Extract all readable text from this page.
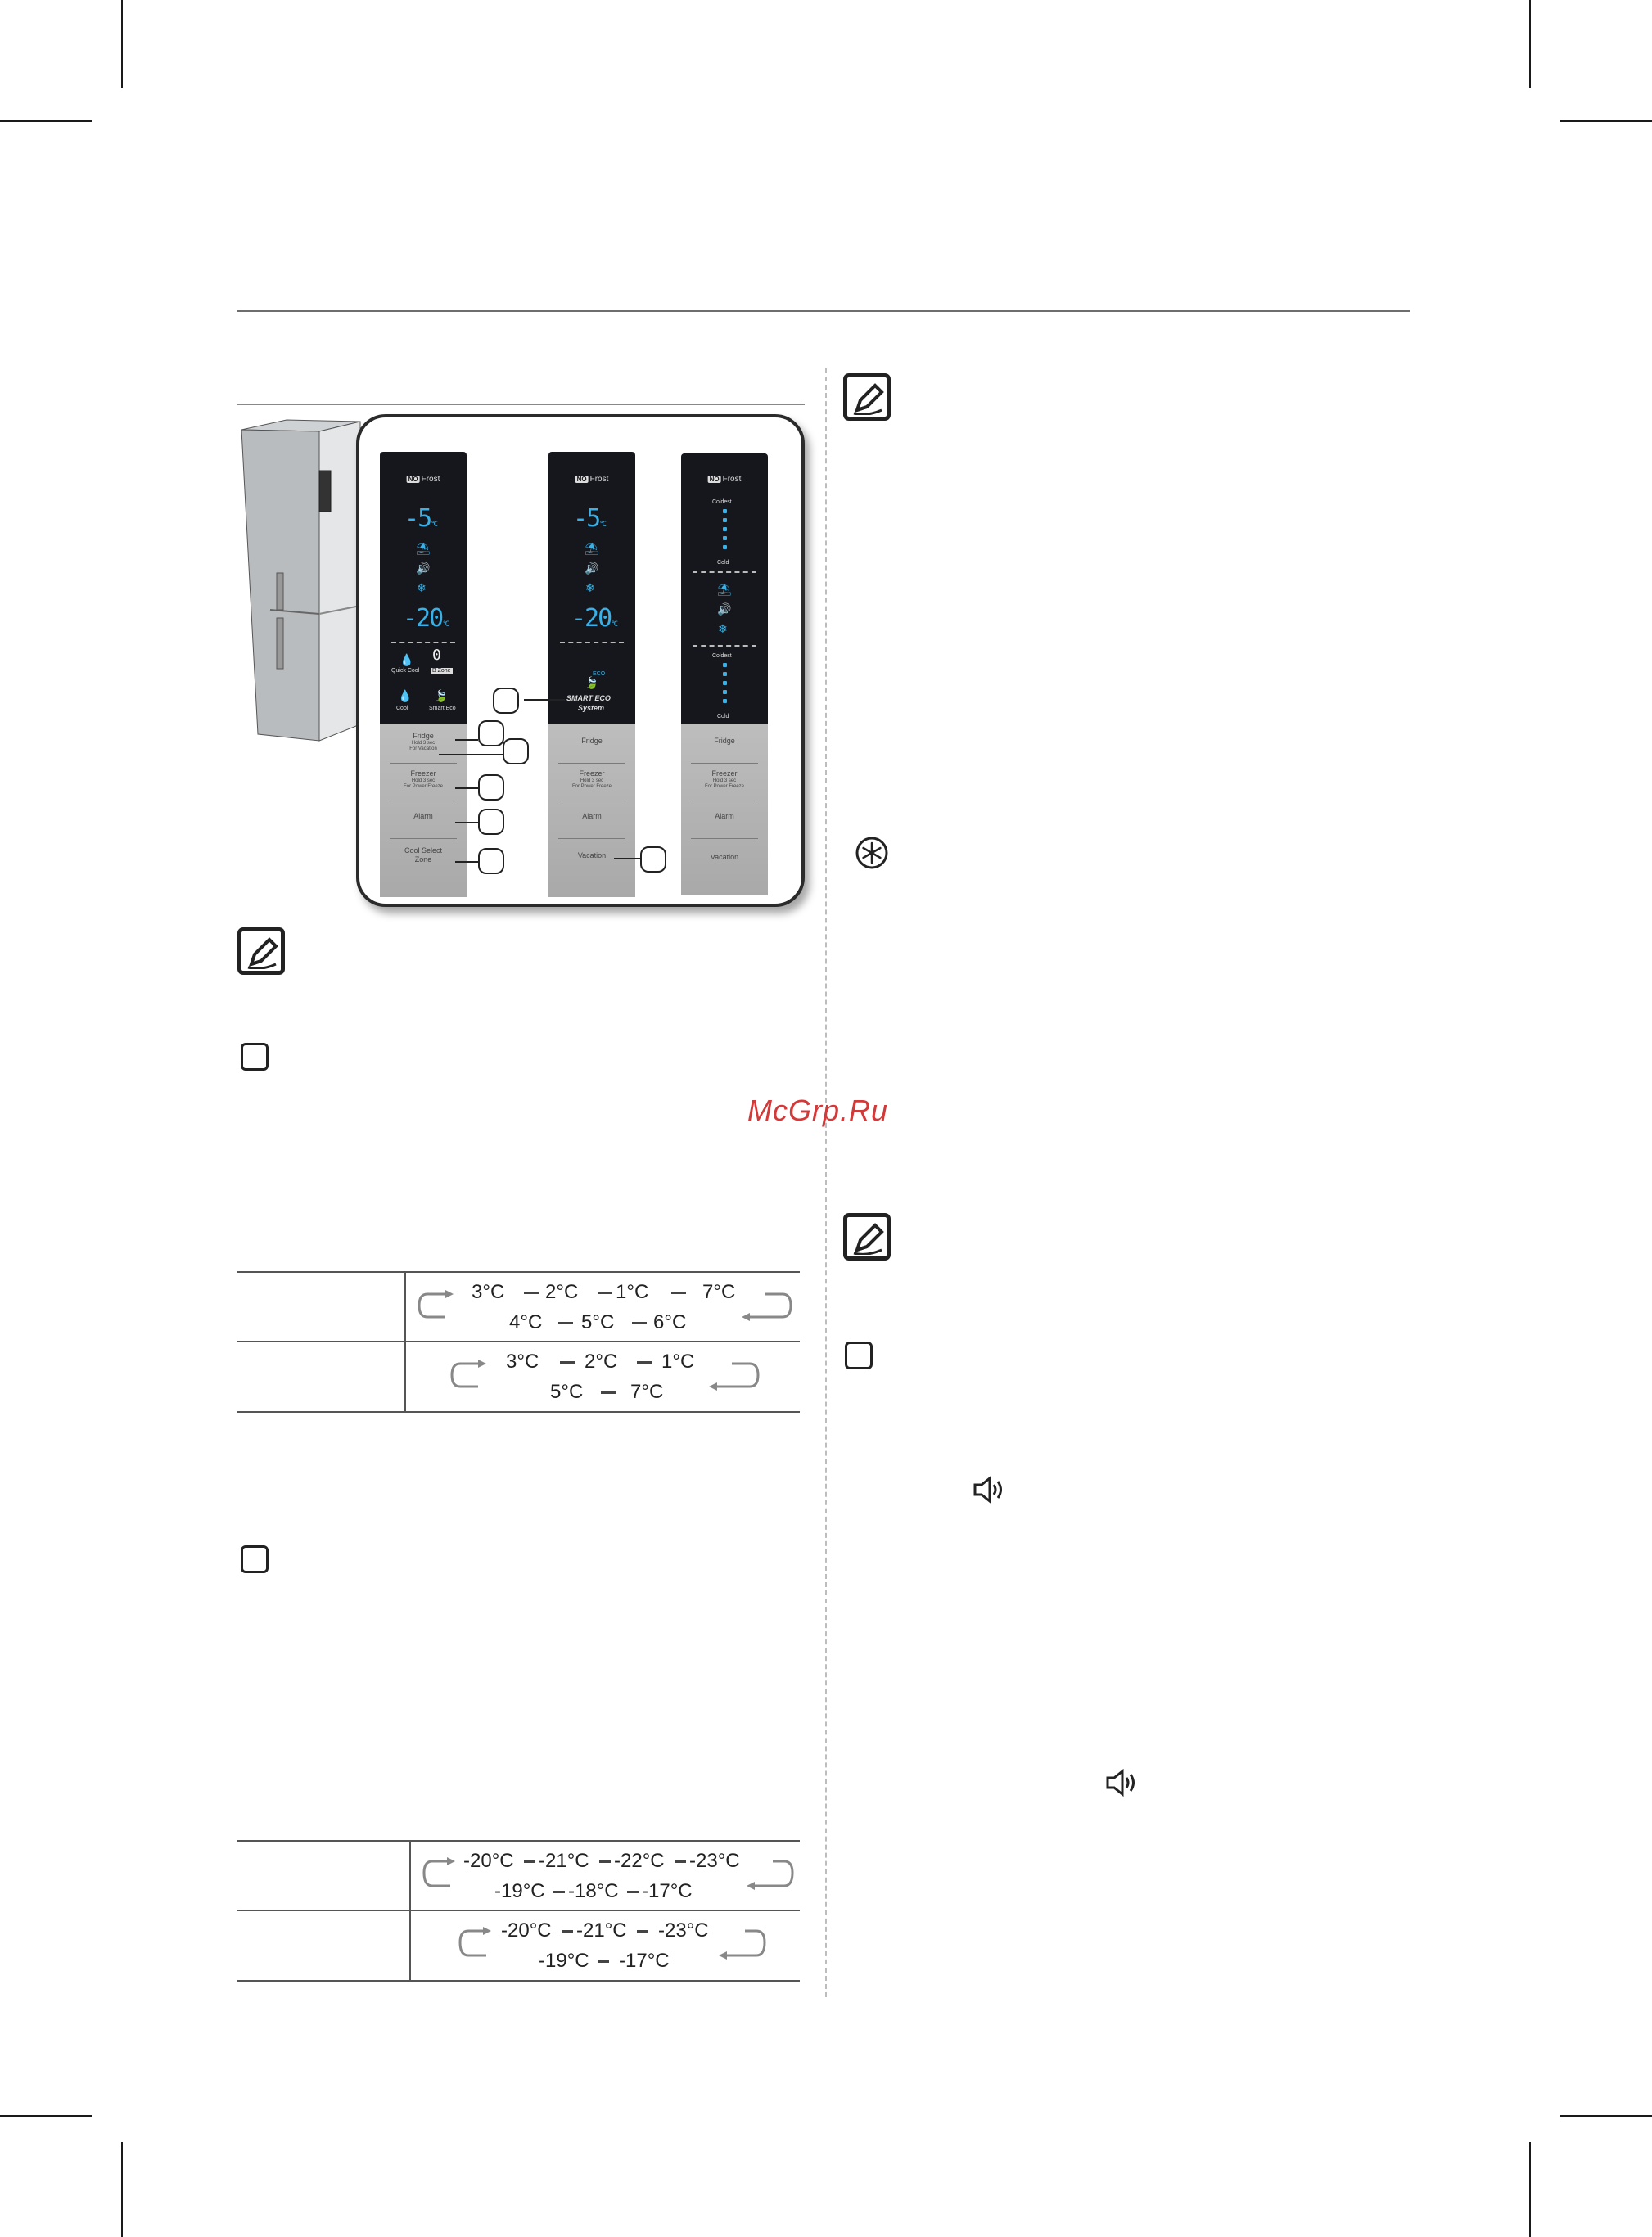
NO Frost
-5°C
⛱
🔊
❄
-20°C
💧
Quick Cool
0
B Zone
💧
Cool
🍃
Smart Eco
Fridge
Hold 3 sec
For Vacation
Freezer
Hold 3 sec
For Power Freeze
Alarm
Cool Select
Zone
NO Frost
-5°C
⛱
🔊
❄
-20°C
ECO
🍃
SMART ECO
System
Fridge
Freezer
Hold 3 sec
For Power Freeze
Alarm
Vacation
NO Frost
Coldest
Cold
⛱
🔊
❄
Coldest
Cold
Fridge
Freezer
Hold 3 sec
For Power Freeze
Alarm
Vacation
McGrp.Ru
3°C 2°C 1°C	7°C
4°C 5°C 6°C
3°C 2°C 1°C
5°C 7°C
-20°C -21°C -22°C -23°C
-19°C -18°C -17°C
-20°C -21°C -23°C
-19°C -17°C
